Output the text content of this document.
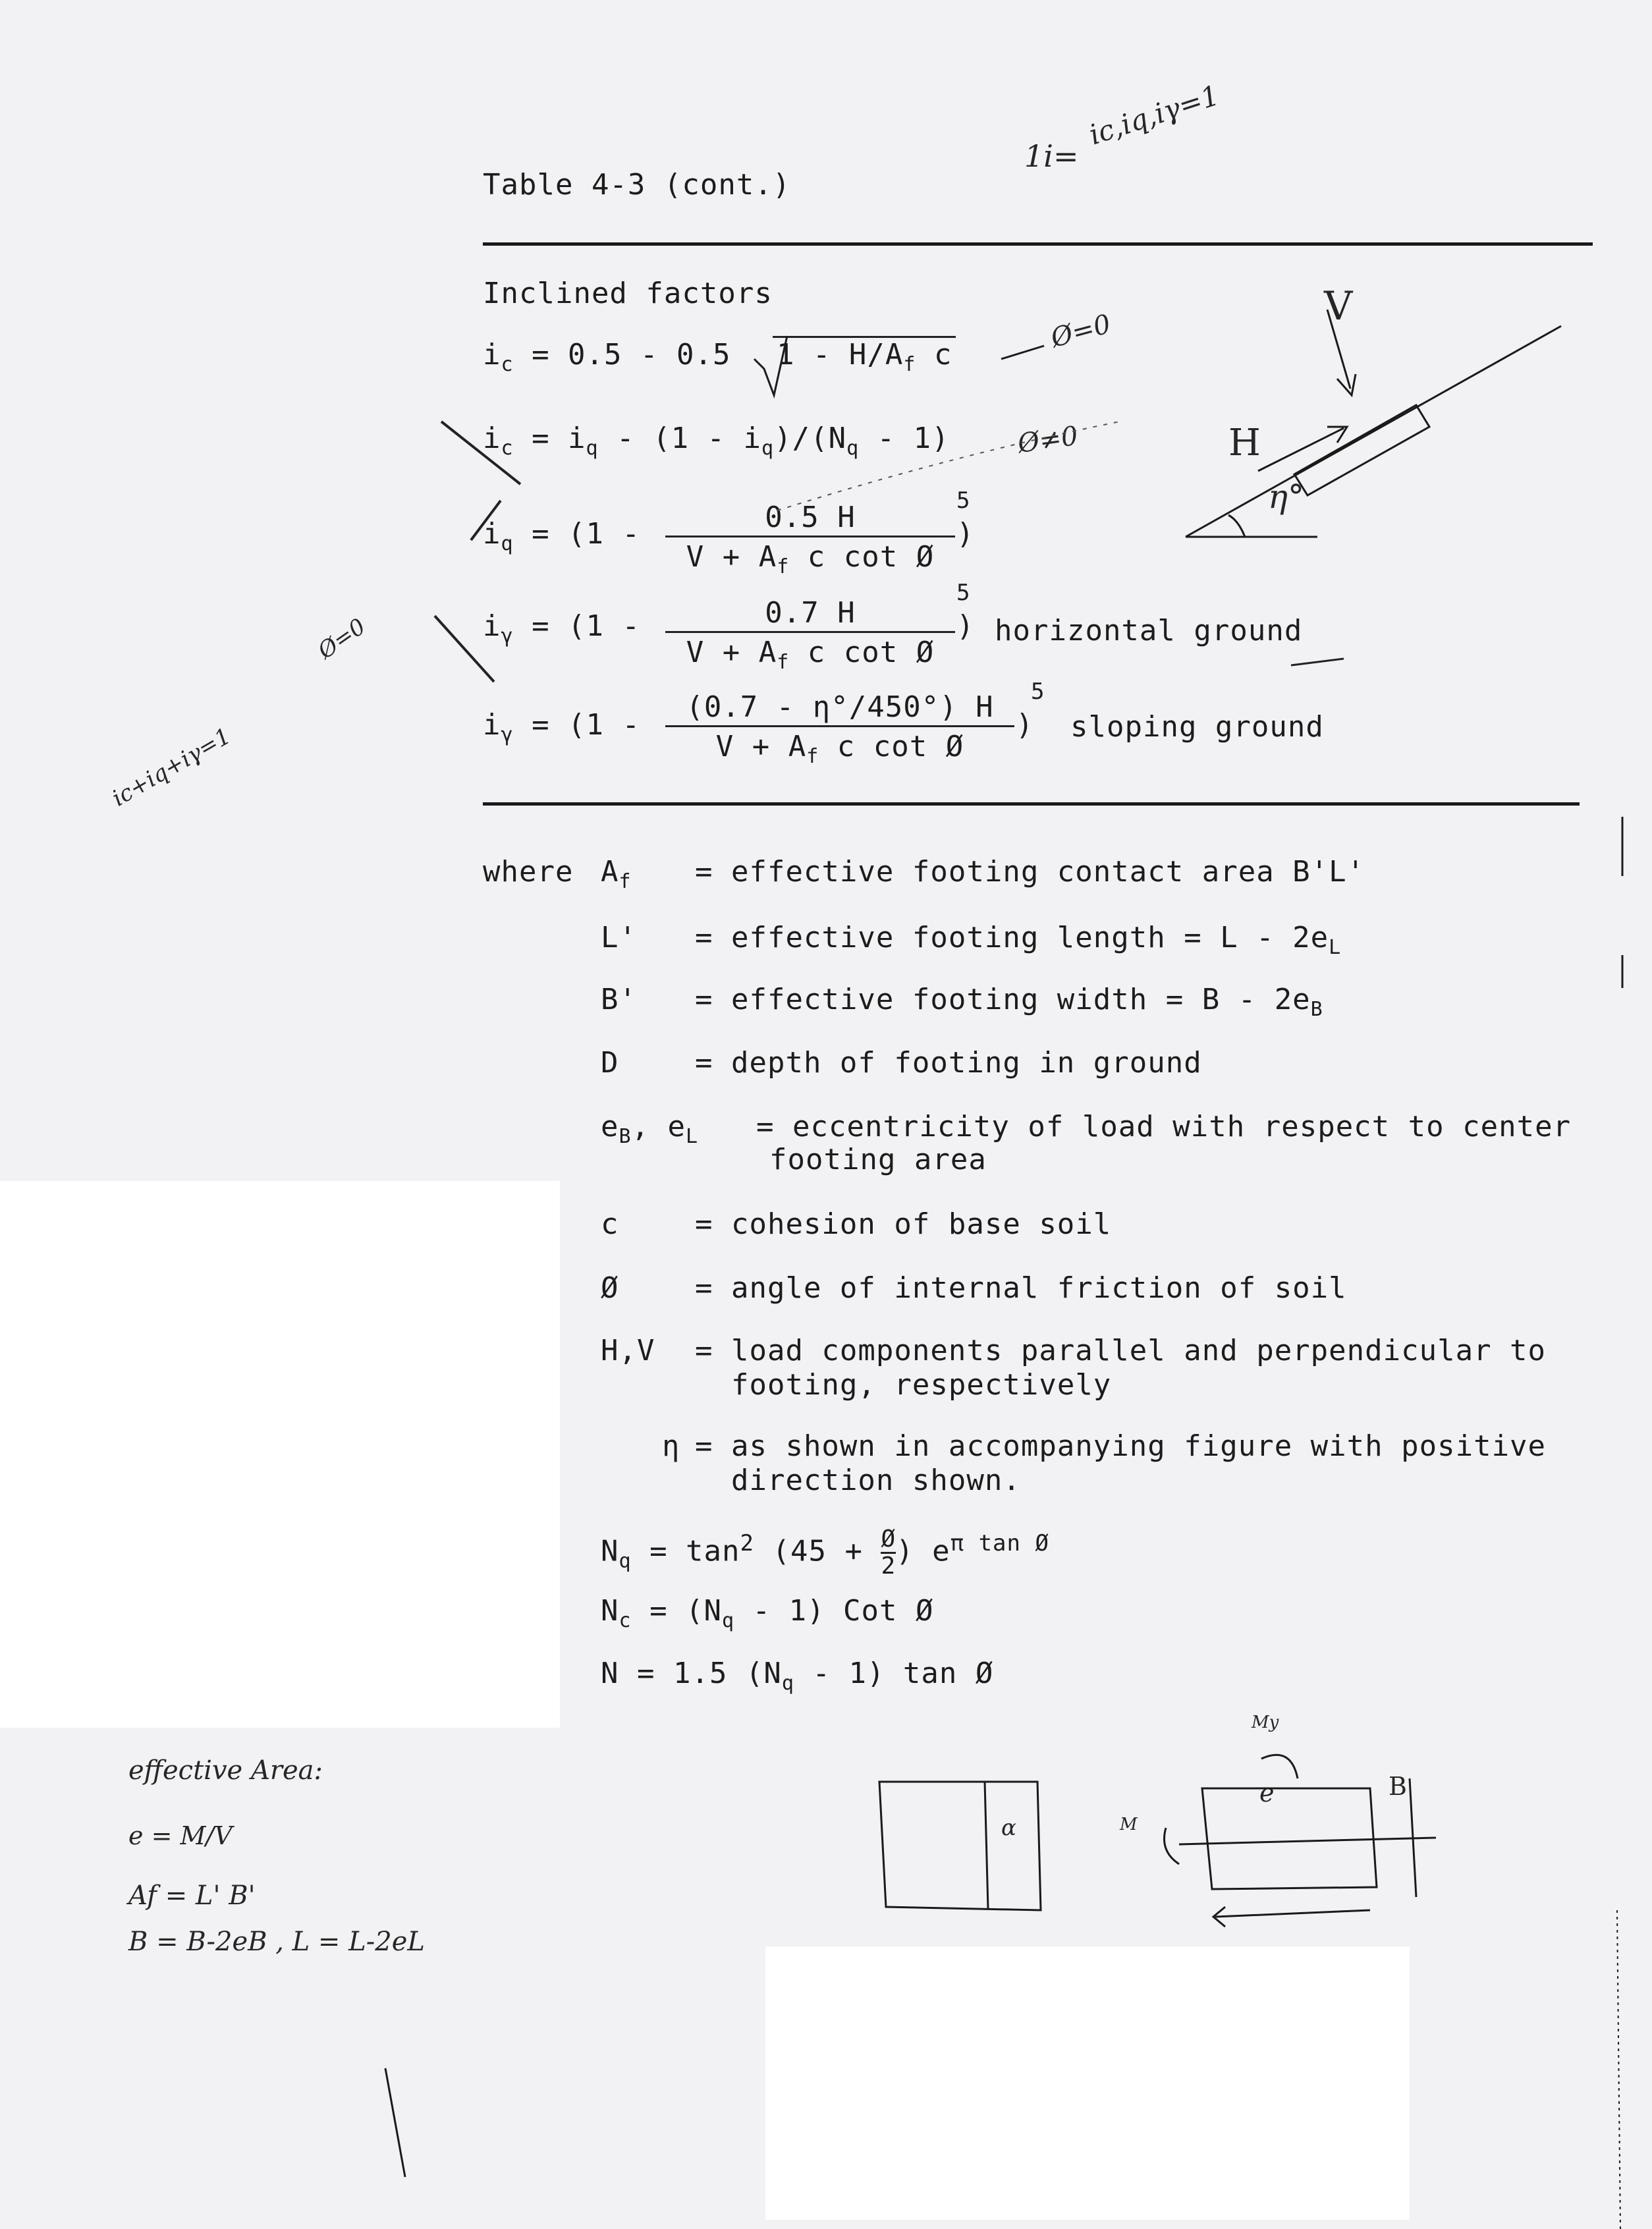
Table 4-3 (cont.)
Inclined factors
$i_c = 0.5 - 0.5$ $1 - H/A_f$ c
$i_c = i_q - (1 - i_q)/(N_q - 1)$
$i_q = (1 - \frac{0.5 H}{V + A_f c \cot Ø}$ )
5
$i_\gamma = (1 - \frac{0.7 H}{V + A_f c \cot Ø}$ )
5
horizontal ground
$i_\gamma = (1 - \frac{(0.7 - \eta^\circ/450^\circ) H}{V + A_f c \cot Ø}$ )
5
sloping ground
where $A_f$ = effective footing contact area B'L'
L' = effective footing length = L - $2e_L$
B' = effective footing width = B - $2e_B$
D	= depth of footing in ground
$e_B$, $e_L$ = eccentricity of load with respect to center
footing area
c	= cohesion of base soil
Ø	= angle of internal friction of soil
H,V = load components parallel and perpendicular to
footing, respectively
η = as shown in accompanying figure with positive
direction shown.
$N_q = \tan^2 (45 + \frac{Ø}{2}$ ) $e^{\pi tan Ø}$
$N_c = (N_q - 1)$ Cot Ø
N = 1.5 $(N_q - 1)$ tan Ø
ic,iq,iγ=1
1i=
Ø=0
Ø≠0
ic+iq+iγ=1
Ø=0
V
H
η°
effective Area:
e = M/V
Af = L' B'
B = B-2eB , L = L-2eL
e	B
M
My
α
